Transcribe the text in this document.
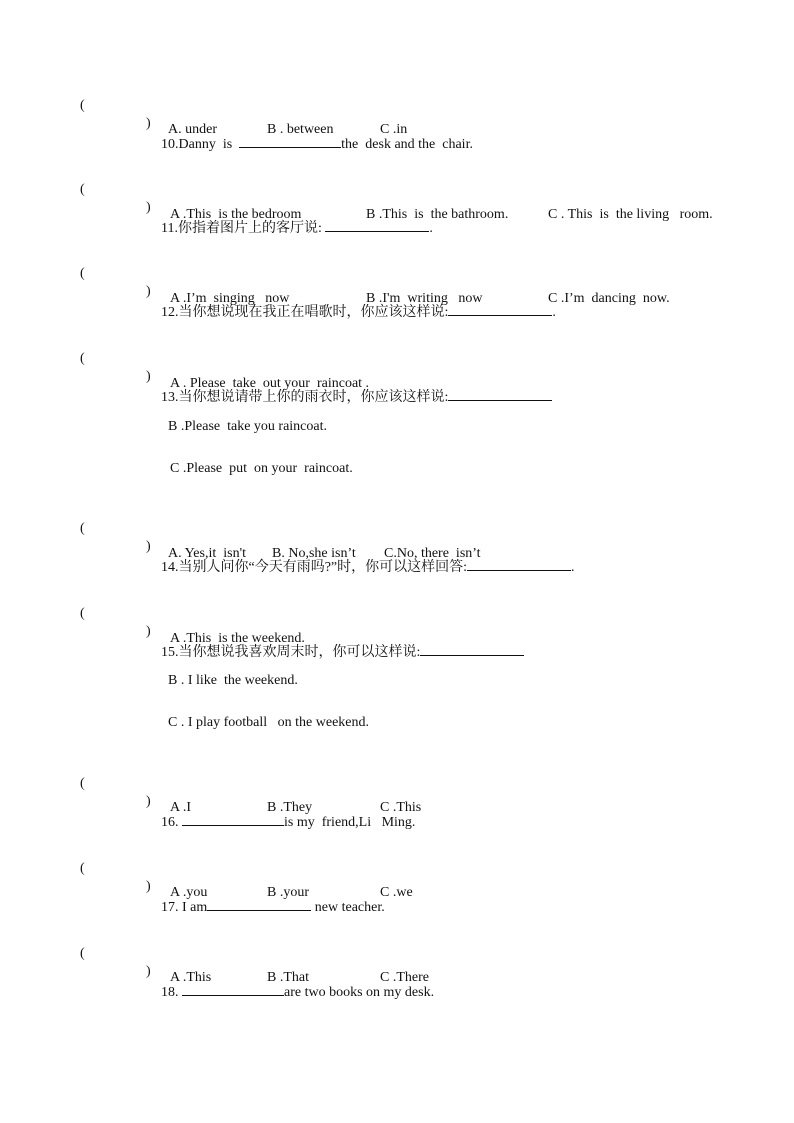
(

)

10.Danny  is	the  desk and the  chair.

A. under	B . between	C .in

(

)

11.你指着图片上的客厅说:	.

A .This  is the bedroom	B .This  is  the bathroom.	C . This  is  the living   room.

(

)

12.当你想说现在我正在唱歌时，你应该这样说:	.

A .I’m  singing   now	B .I'm  writing   now	C .I’m  dancing  now.

(

)

13.当你想说请带上你的雨衣时，你应该这样说:

A . Please  take  out your  raincoat .
B .Please  take you raincoat.
C .Please  put  on your  raincoat.

(

)

14.当别人问你“今天有雨吗?”时，你可以这样回答:	.

A. Yes,it  isn't B. No,she isn’t C.No, there  isn’t

(

)

15.当你想说我喜欢周末时，你可以这样说:

A .This  is the weekend.
B . I like  the weekend.
C . I play football   on the weekend.

(

)

16.	is my  friend,Li   Ming.

A .I	B .They	C .This

(

)

17. I am	new teacher.

A .you	B .your	C .we

(

)

18.	are two books on my desk.

A .This	B .That	C .There
